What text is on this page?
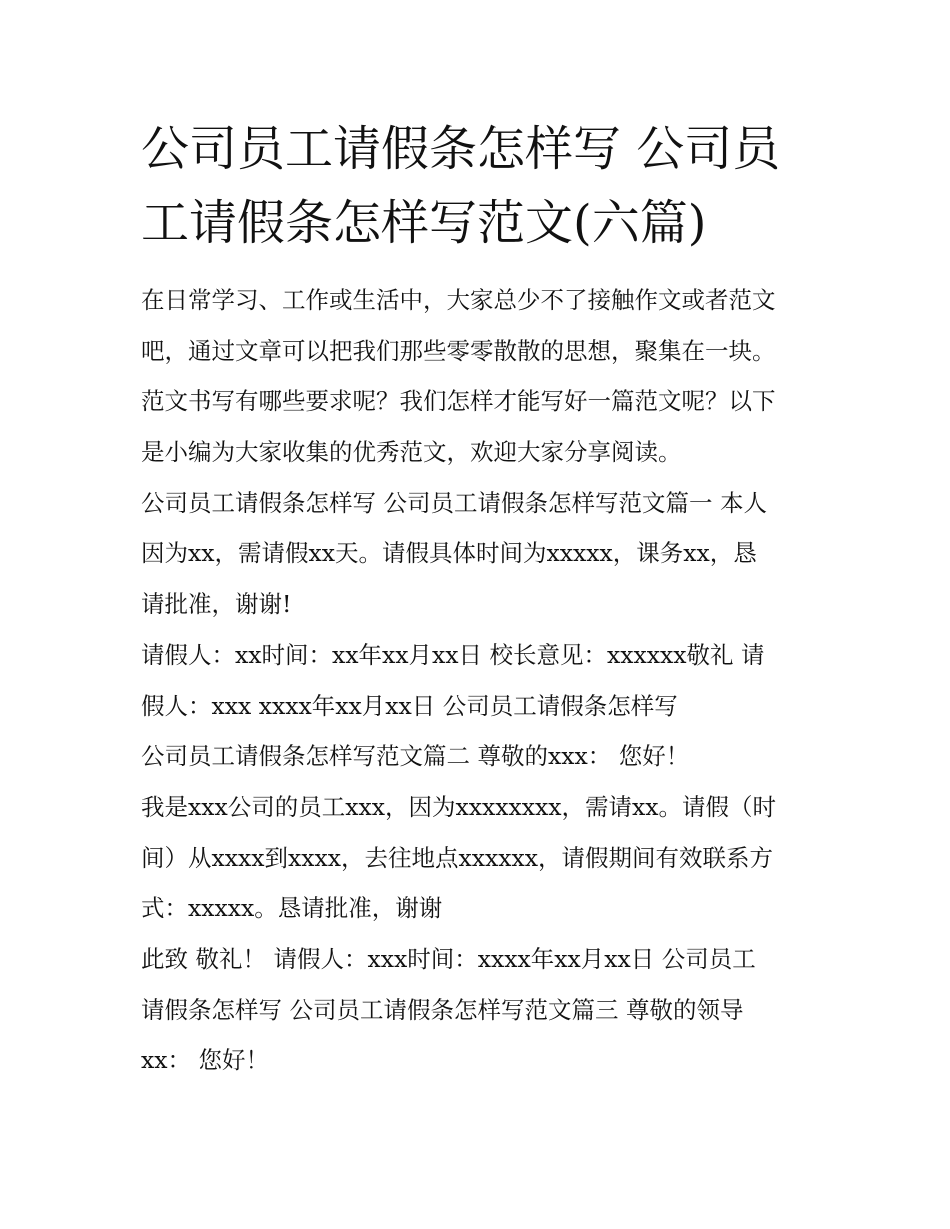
公司员工请假条怎样写 公司员
工请假条怎样写范文(六篇)
在日常学习、工作或生活中，大家总少不了接触作文或者范文
吧，通过文章可以把我们那些零零散散的思想，聚集在一块。
范文书写有哪些要求呢？我们怎样才能写好一篇范文呢？以下
是小编为大家收集的优秀范文，欢迎大家分享阅读。
公司员工请假条怎样写 公司员工请假条怎样写范文篇一 本人
因为xx，需请假xx天。请假具体时间为xxxxx，课务xx，恳
请批准，谢谢!
请假人：xx时间：xx年xx月xx日 校长意见：xxxxxx敬礼 请
假人：xxx xxxx年xx月xx日 公司员工请假条怎样写
公司员工请假条怎样写范文篇二 尊敬的xxx： 您好！
我是xxx公司的员工xxx，因为xxxxxxxx，需请xx。请假（时
间）从xxxx到xxxx，去往地点xxxxxx，请假期间有效联系方
式：xxxxx。恳请批准，谢谢
此致 敬礼！ 请假人：xxx时间：xxxx年xx月xx日 公司员工
请假条怎样写 公司员工请假条怎样写范文篇三 尊敬的领导
xx： 您好！
